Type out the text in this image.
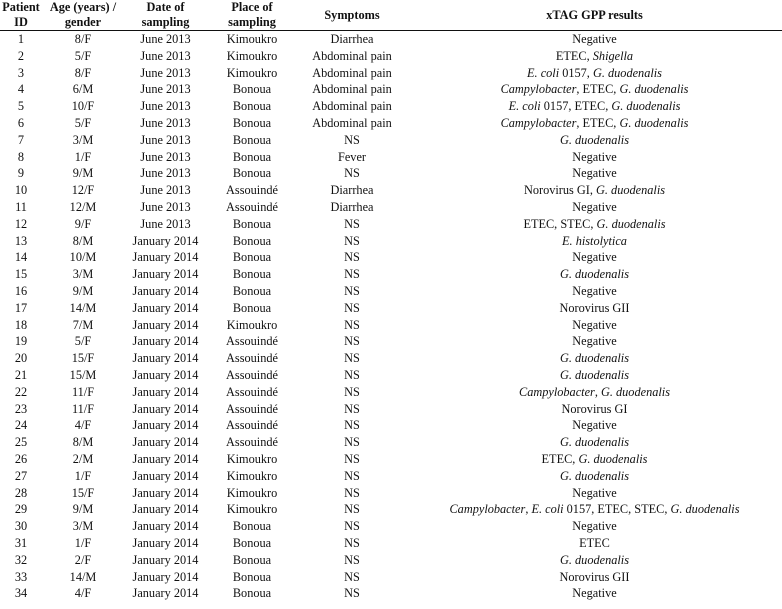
Patient ID	Age (years) / gender	Date of sampling	Place of sampling	Symptoms	xTAG GPP results
1	8/F	June 2013	Kimoukro	Diarrhea	Negative
2	5/F	June 2013	Kimoukro	Abdominal pain	ETEC, Shigella
3	8/F	June 2013	Kimoukro	Abdominal pain	E. coli 0157, G. duodenalis
4	6/M	June 2013	Bonoua	Abdominal pain	Campylobacter, ETEC, G. duodenalis
5	10/F	June 2013	Bonoua	Abdominal pain	E. coli 0157, ETEC, G. duodenalis
6	5/F	June 2013	Bonoua	Abdominal pain	Campylobacter, ETEC, G. duodenalis
7	3/M	June 2013	Bonoua	NS	G. duodenalis
8	1/F	June 2013	Bonoua	Fever	Negative
9	9/M	June 2013	Bonoua	NS	Negative
10	12/F	June 2013	Assouindé	Diarrhea	Norovirus GI, G. duodenalis
11	12/M	June 2013	Assouindé	Diarrhea	Negative
12	9/F	June 2013	Bonoua	NS	ETEC, STEC, G. duodenalis
13	8/M	January 2014	Bonoua	NS	E. histolytica
14	10/M	January 2014	Bonoua	NS	Negative
15	3/M	January 2014	Bonoua	NS	G. duodenalis
16	9/M	January 2014	Bonoua	NS	Negative
17	14/M	January 2014	Bonoua	NS	Norovirus GII
18	7/M	January 2014	Kimoukro	NS	Negative
19	5/F	January 2014	Assouindé	NS	Negative
20	15/F	January 2014	Assouindé	NS	G. duodenalis
21	15/M	January 2014	Assouindé	NS	G. duodenalis
22	11/F	January 2014	Assouindé	NS	Campylobacter, G. duodenalis
23	11/F	January 2014	Assouindé	NS	Norovirus GI
24	4/F	January 2014	Assouindé	NS	Negative
25	8/M	January 2014	Assouindé	NS	G. duodenalis
26	2/M	January 2014	Kimoukro	NS	ETEC, G. duodenalis
27	1/F	January 2014	Kimoukro	NS	G. duodenalis
28	15/F	January 2014	Kimoukro	NS	Negative
29	9/M	January 2014	Kimoukro	NS	Campylobacter, E. coli 0157, ETEC, STEC, G. duodenalis
30	3/M	January 2014	Bonoua	NS	Negative
31	1/F	January 2014	Bonoua	NS	ETEC
32	2/F	January 2014	Bonoua	NS	G. duodenalis
33	14/M	January 2014	Bonoua	NS	Norovirus GII
34	4/F	January 2014	Bonoua	NS	Negative
